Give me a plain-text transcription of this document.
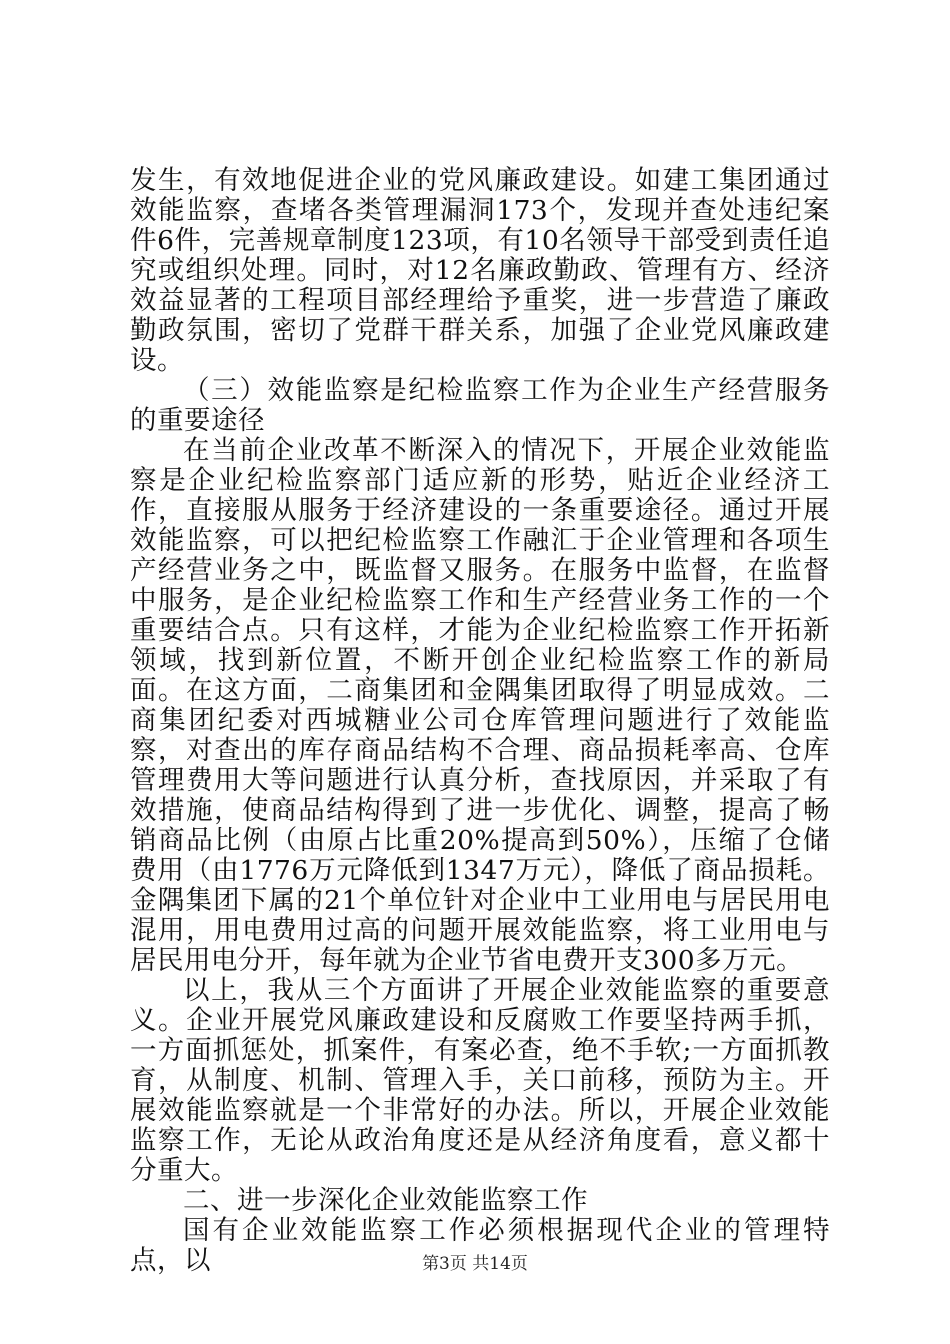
发生，有效地促进企业的党风廉政建设。如建工集团通过效能监察，查堵各类管理漏洞173个，发现并查处违纪案件6件，完善规章制度123项，有10名领导干部受到责任追究或组织处理。同时，对12名廉政勤政、管理有方、经济效益显著的工程项目部经理给予重奖，进一步营造了廉政勤政氛围，密切了党群干群关系，加强了企业党风廉政建设。

（三）效能监察是纪检监察工作为企业生产经营服务的重要途径

在当前企业改革不断深入的情况下，开展企业效能监察是企业纪检监察部门适应新的形势，贴近企业经济工作，直接服从服务于经济建设的一条重要途径。通过开展效能监察，可以把纪检监察工作融汇于企业管理和各项生产经营业务之中，既监督又服务。在服务中监督，在监督中服务，是企业纪检监察工作和生产经营业务工作的一个重要结合点。只有这样，才能为企业纪检监察工作开拓新领域，找到新位置，不断开创企业纪检监察工作的新局面。在这方面，二商集团和金隅集团取得了明显成效。二商集团纪委对西城糖业公司仓库管理问题进行了效能监察，对查出的库存商品结构不合理、商品损耗率高、仓库管理费用大等问题进行认真分析，查找原因，并采取了有效措施，使商品结构得到了进一步优化、调整，提高了畅销商品比例（由原占比重20%提高到50%），压缩了仓储费用（由1776万元降低到1347万元），降低了商品损耗。金隅集团下属的21个单位针对企业中工业用电与居民用电混用，用电费用过高的问题开展效能监察，将工业用电与居民用电分开，每年就为企业节省电费开支300多万元。

以上，我从三个方面讲了开展企业效能监察的重要意义。企业开展党风廉政建设和反腐败工作要坚持两手抓，一方面抓惩处，抓案件，有案必查，绝不手软;一方面抓教育，从制度、机制、管理入手，关口前移，预防为主。开展效能监察就是一个非常好的办法。所以，开展企业效能监察工作，无论从政治角度还是从经济角度看，意义都十分重大。

二、进一步深化企业效能监察工作

国有企业效能监察工作必须根据现代企业的管理特点，以	第3页 共14页
